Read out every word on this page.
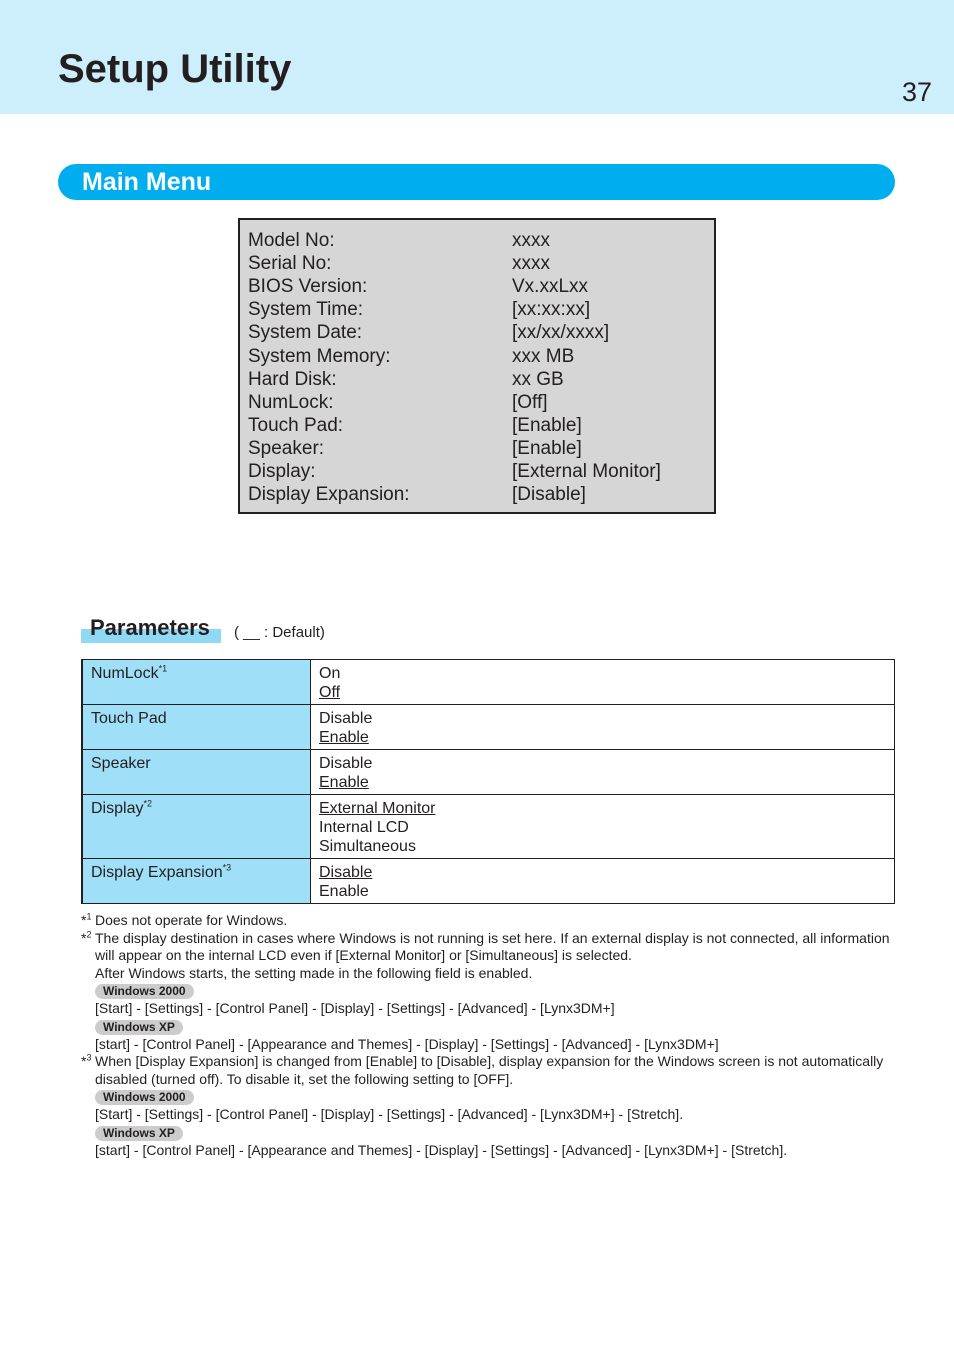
Setup Utility
37
Main Menu
Model No:	xxxx
Serial No:	xxxx
BIOS Version:	Vx.xxLxx
System Time:	[xx:xx:xx]
System Date:	[xx/xx/xxxx]
System Memory:	xxx MB
Hard Disk:	xx GB
NumLock:	[Off]
Touch Pad:	[Enable]
Speaker:	[Enable]
Display:	[External Monitor]
Display Expansion:	[Disable]
Parameters ( __ : Default)
NumLock$^{*1}$	On
Off

Touch Pad	Disable
Enable

Speaker	Disable
Enable

Display$^{*2}$	External Monitor
Internal LCD
Simultaneous

Display Expansion$^{*3}$	Disable
Enable
*$^1$ Does not operate for Windows.
*$^2$ The display destination in cases where Windows is not running is set here. If an external display is not connected, all information will appear on the internal LCD even if [External Monitor] or [Simultaneous] is selected.
After Windows starts, the setting made in the following field is enabled.
Windows 2000
[Start] - [Settings] - [Control Panel] - [Display] - [Settings] - [Advanced] - [Lynx3DM+]
Windows XP
[start] - [Control Panel] - [Appearance and Themes] - [Display] - [Settings] - [Advanced] - [Lynx3DM+]
*$^3$ When [Display Expansion] is changed from [Enable] to [Disable], display expansion for the Windows screen is not automatically disabled (turned off). To disable it, set the following setting to [OFF].
Windows 2000
[Start] - [Settings] - [Control Panel] - [Display] - [Settings] - [Advanced] - [Lynx3DM+] - [Stretch].
Windows XP
[start] - [Control Panel] - [Appearance and Themes] - [Display] - [Settings] - [Advanced] - [Lynx3DM+] - [Stretch].
